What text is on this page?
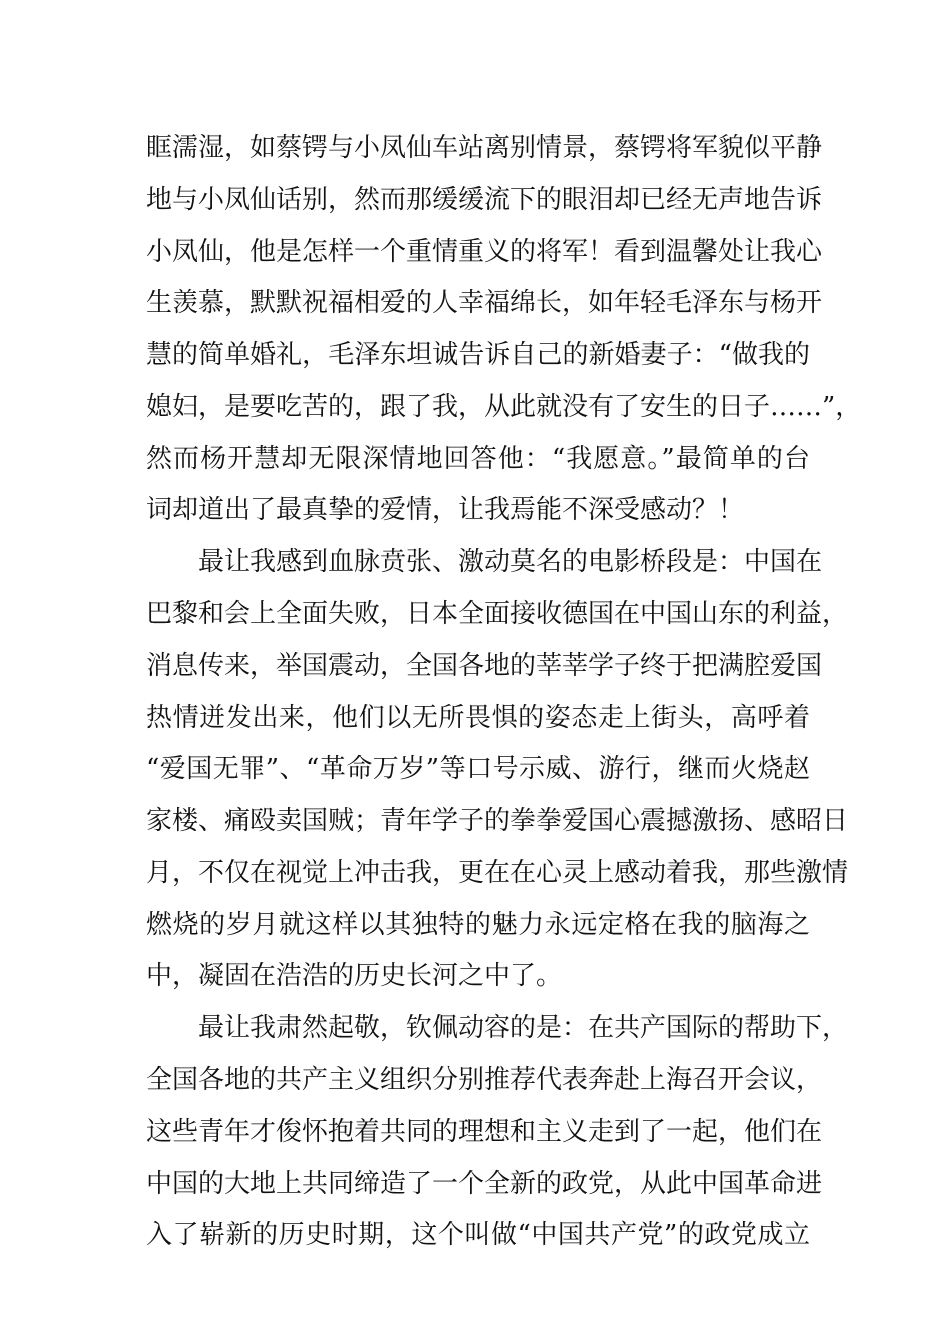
眶濡湿，如蔡锷与小凤仙车站离别情景，蔡锷将军貌似平静
地与小凤仙话别，然而那缓缓流下的眼泪却已经无声地告诉
小凤仙，他是怎样一个重情重义的将军！看到温馨处让我心
生羡慕，默默祝福相爱的人幸福绵长，如年轻毛泽东与杨开
慧的简单婚礼，毛泽东坦诚告诉自己的新婚妻子：“做我的
媳妇，是要吃苦的，跟了我，从此就没有了安生的日子……”，
然而杨开慧却无限深情地回答他：“我愿意。”最简单的台
词却道出了最真挚的爱情，让我焉能不深受感动？！
最让我感到血脉贲张、激动莫名的电影桥段是：中国在
巴黎和会上全面失败，日本全面接收德国在中国山东的利益，
消息传来，举国震动，全国各地的莘莘学子终于把满腔爱国
热情迸发出来，他们以无所畏惧的姿态走上街头，高呼着
“爱国无罪”、“革命万岁”等口号示威、游行，继而火烧赵
家楼、痛殴卖国贼；青年学子的拳拳爱国心震撼激扬、感昭日
月，不仅在视觉上冲击我，更在在心灵上感动着我，那些激情
燃烧的岁月就这样以其独特的魅力永远定格在我的脑海之
中，凝固在浩浩的历史长河之中了。
最让我肃然起敬，钦佩动容的是：在共产国际的帮助下，
全国各地的共产主义组织分别推荐代表奔赴上海召开会议，
这些青年才俊怀抱着共同的理想和主义走到了一起，他们在
中国的大地上共同缔造了一个全新的政党，从此中国革命进
入了崭新的历史时期，这个叫做“中国共产党”的政党成立
